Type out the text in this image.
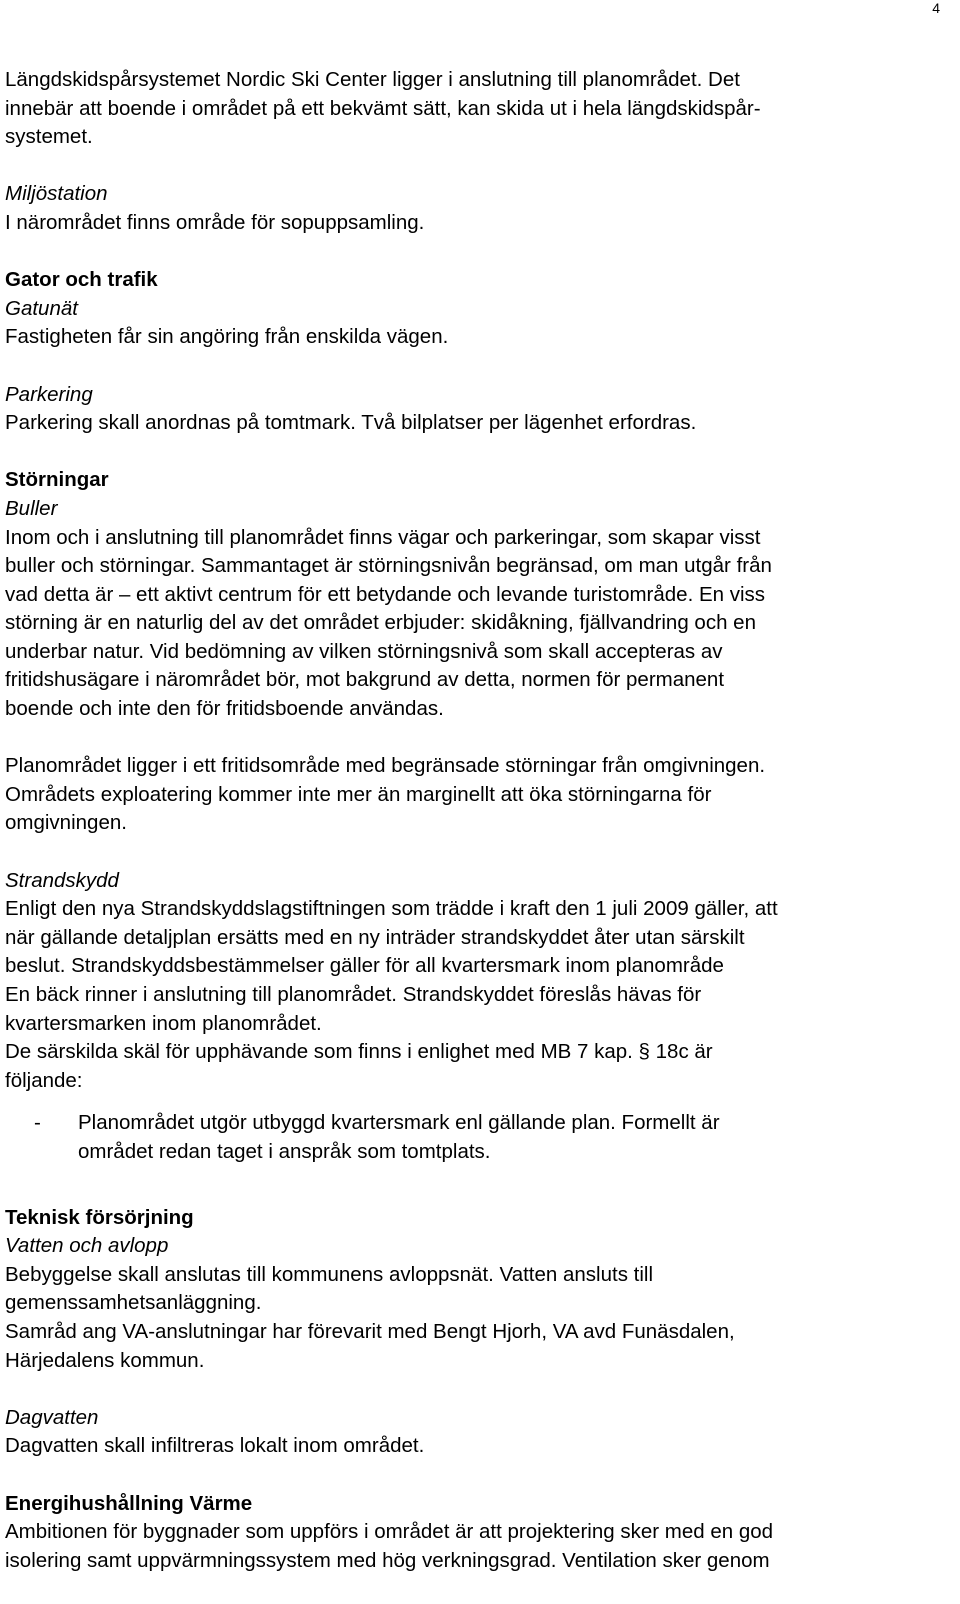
4

Längdskidspårsystemet Nordic Ski Center ligger i anslutning till planområdet. Det

innebär att boende i området på ett bekvämt sätt, kan skida ut i hela längdskidspår-

systemet.

Miljöstation

I närområdet finns område för sopuppsamling.

Gator och trafik

Gatunät

Fastigheten får sin angöring från enskilda vägen.

Parkering

Parkering skall anordnas på tomtmark. Två bilplatser per lägenhet erfordras.

Störningar

Buller

Inom och i anslutning till planområdet finns vägar och parkeringar, som skapar visst

buller och störningar. Sammantaget är störningsnivån begränsad, om man utgår från

vad detta är – ett aktivt centrum för ett betydande och levande turistområde. En viss

störning är en naturlig del av det området erbjuder: skidåkning, fjällvandring och en

underbar natur. Vid bedömning av vilken störningsnivå som skall accepteras av

fritidshusägare i närområdet bör, mot bakgrund av detta, normen för permanent

boende och inte den för fritidsboende användas.

Planområdet ligger i ett fritidsområde med begränsade störningar från omgivningen.

Områdets exploatering kommer inte mer än marginellt att öka störningarna för

omgivningen.

Strandskydd

Enligt den nya Strandskyddslagstiftningen som trädde i kraft den 1 juli 2009 gäller, att

när gällande detaljplan ersätts med en ny inträder strandskyddet åter utan särskilt

beslut. Strandskyddsbestämmelser gäller för all kvartersmark inom planområde

En bäck rinner i anslutning till planområdet. Strandskyddet föreslås hävas för

kvartersmarken inom planområdet.

De särskilda skäl för upphävande som finns i enlighet med MB 7 kap. § 18c är

följande:

-	Planområdet utgör utbyggd kvartersmark enl gällande plan. Formellt är

området redan taget i anspråk som tomtplats.

Teknisk försörjning

Vatten och avlopp

Bebyggelse skall anslutas till kommunens avloppsnät. Vatten ansluts till

gemenssamhetsanläggning.

Samråd ang VA-anslutningar har förevarit med Bengt Hjorh, VA avd Funäsdalen,

Härjedalens kommun.

Dagvatten

Dagvatten skall infiltreras lokalt inom området.

Energihushållning Värme

Ambitionen för byggnader som uppförs i området är att projektering sker med en god

isolering samt uppvärmningssystem med hög verkningsgrad. Ventilation sker genom
